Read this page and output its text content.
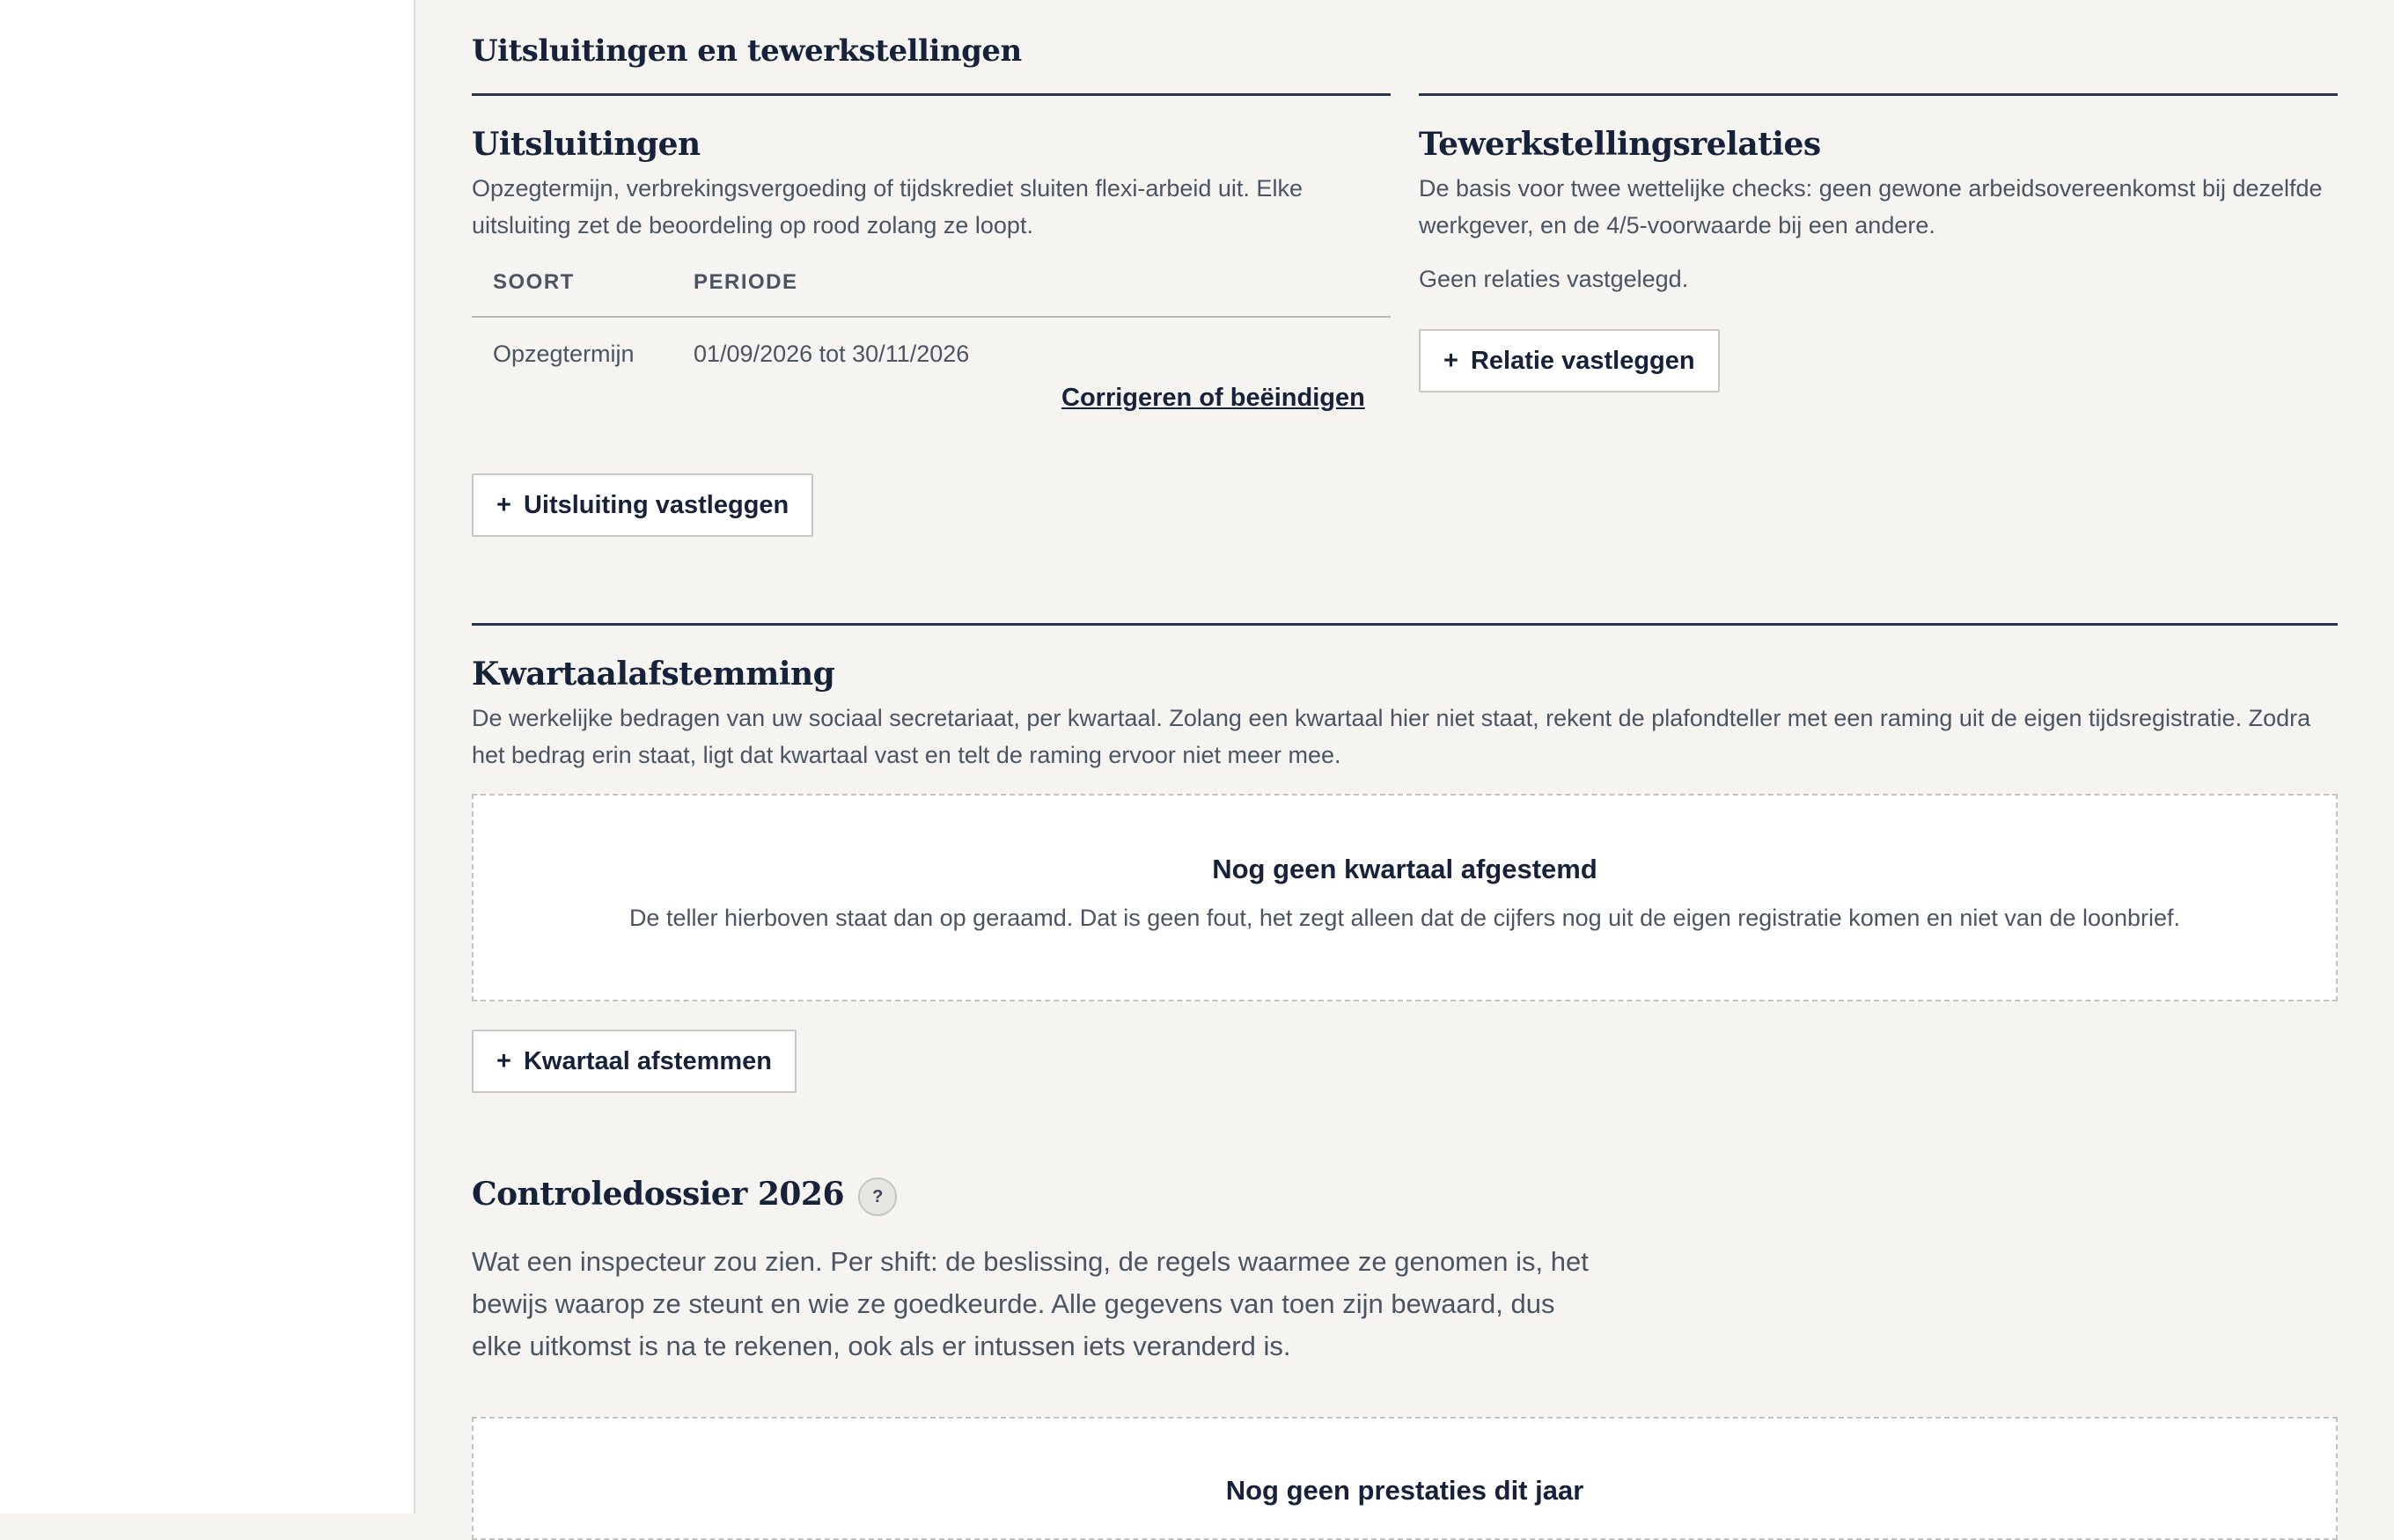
Uitsluitingen en tewerkstellingen
Uitsluitingen

Opzegtermijn, verbrekingsvergoeding of tijdskrediet sluiten flexi-arbeid uit. Elke uitsluiting zet de beoordeling op rood zolang ze loopt.

SOORT	PERIODE
Opzegtermijn	01/09/2026 tot 30/11/2026
Corrigeren of beëindigen
+ Uitsluiting vastleggen
Tewerkstellingsrelaties

De basis voor twee wettelijke checks: geen gewone arbeidsovereenkomst bij dezelfde werkgever, en de 4/5-voorwaarde bij een andere.

Geen relaties vastgelegd.

+ Relatie vastleggen
Kwartaalafstemming

De werkelijke bedragen van uw sociaal secretariaat, per kwartaal. Zolang een kwartaal hier niet staat, rekent de plafondteller met een raming uit de eigen tijdsregistratie. Zodra het bedrag erin staat, ligt dat kwartaal vast en telt de raming ervoor niet meer mee.

Nog geen kwartaal afgestemd

De teller hierboven staat dan op geraamd. Dat is geen fout, het zegt alleen dat de cijfers nog uit de eigen registratie komen en niet van de loonbrief.

+ Kwartaal afstemmen
Controledossier 2026 ?

Wat een inspecteur zou zien. Per shift: de beslissing, de regels waarmee ze genomen is, het bewijs waarop ze steunt en wie ze goedkeurde. Alle gegevens van toen zijn bewaard, dus elke uitkomst is na te rekenen, ook als er intussen iets veranderd is.

Nog geen prestaties dit jaar
